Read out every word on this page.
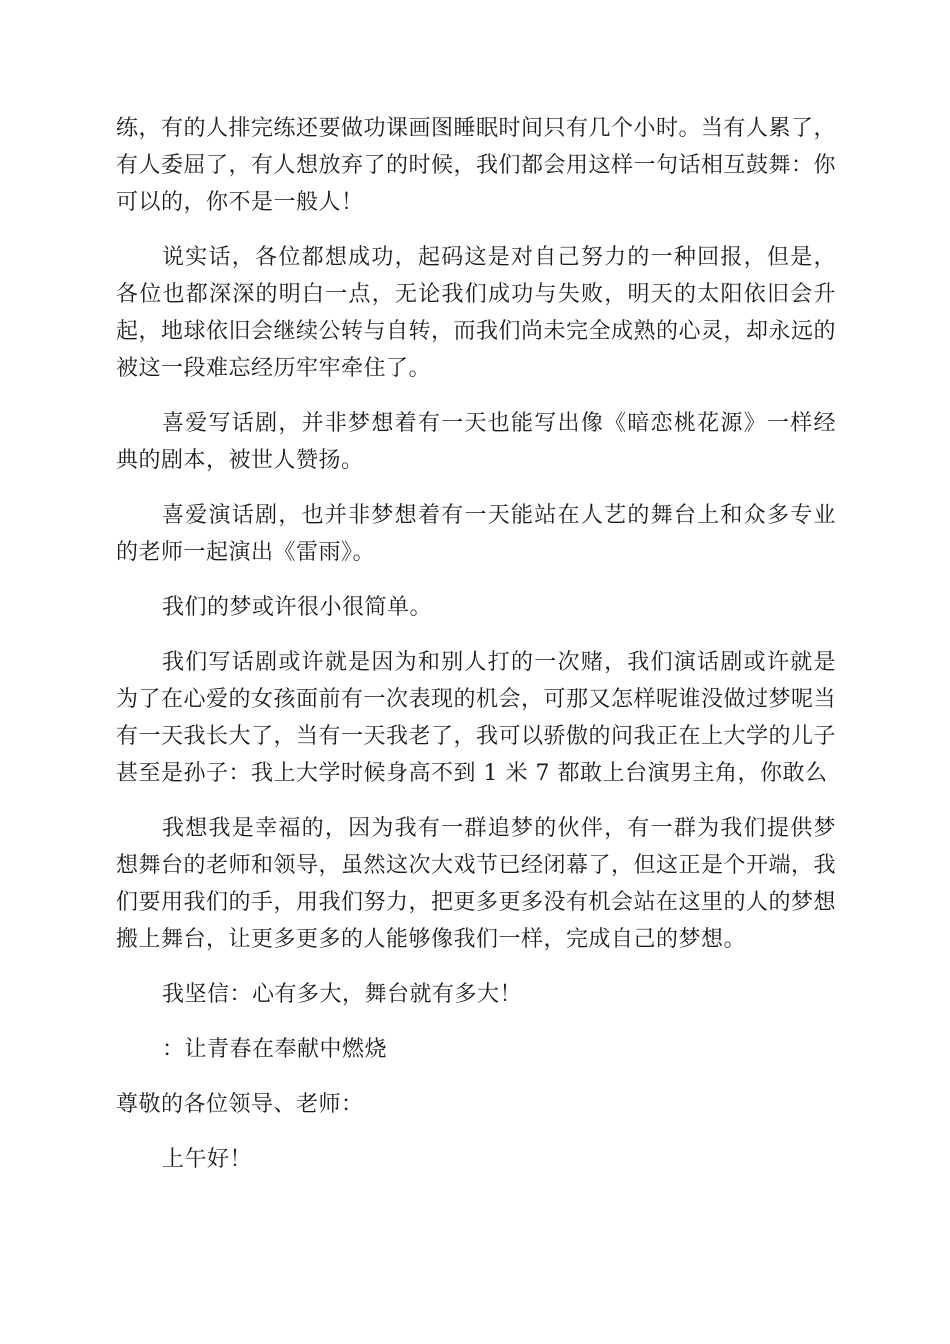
练，有的人排完练还要做功课画图睡眠时间只有几个小时。当有人累了，有人委屈了，有人想放弃了的时候，我们都会用这样一句话相互鼓舞：你可以的，你不是一般人！

说实话，各位都想成功，起码这是对自己努力的一种回报，但是，各位也都深深的明白一点，无论我们成功与失败，明天的太阳依旧会升起，地球依旧会继续公转与自转，而我们尚未完全成熟的心灵，却永远的被这一段难忘经历牢牢牵住了。

喜爱写话剧，并非梦想着有一天也能写出像《暗恋桃花源》一样经典的剧本，被世人赞扬。

喜爱演话剧，也并非梦想着有一天能站在人艺的舞台上和众多专业的老师一起演出《雷雨》。

我们的梦或许很小很简单。

我们写话剧或许就是因为和别人打的一次赌，我们演话剧或许就是为了在心爱的女孩面前有一次表现的机会，可那又怎样呢谁没做过梦呢当有一天我长大了，当有一天我老了，我可以骄傲的问我正在上大学的儿子甚至是孙子：我上大学时候身高不到 1 米 7 都敢上台演男主角，你敢么

我想我是幸福的，因为我有一群追梦的伙伴，有一群为我们提供梦想舞台的老师和领导，虽然这次大戏节已经闭幕了，但这正是个开端，我们要用我们的手，用我们努力，把更多更多没有机会站在这里的人的梦想搬上舞台，让更多更多的人能够像我们一样，完成自己的梦想。

我坚信：心有多大，舞台就有多大！

：让青春在奉献中燃烧

尊敬的各位领导、老师：

上午好！
